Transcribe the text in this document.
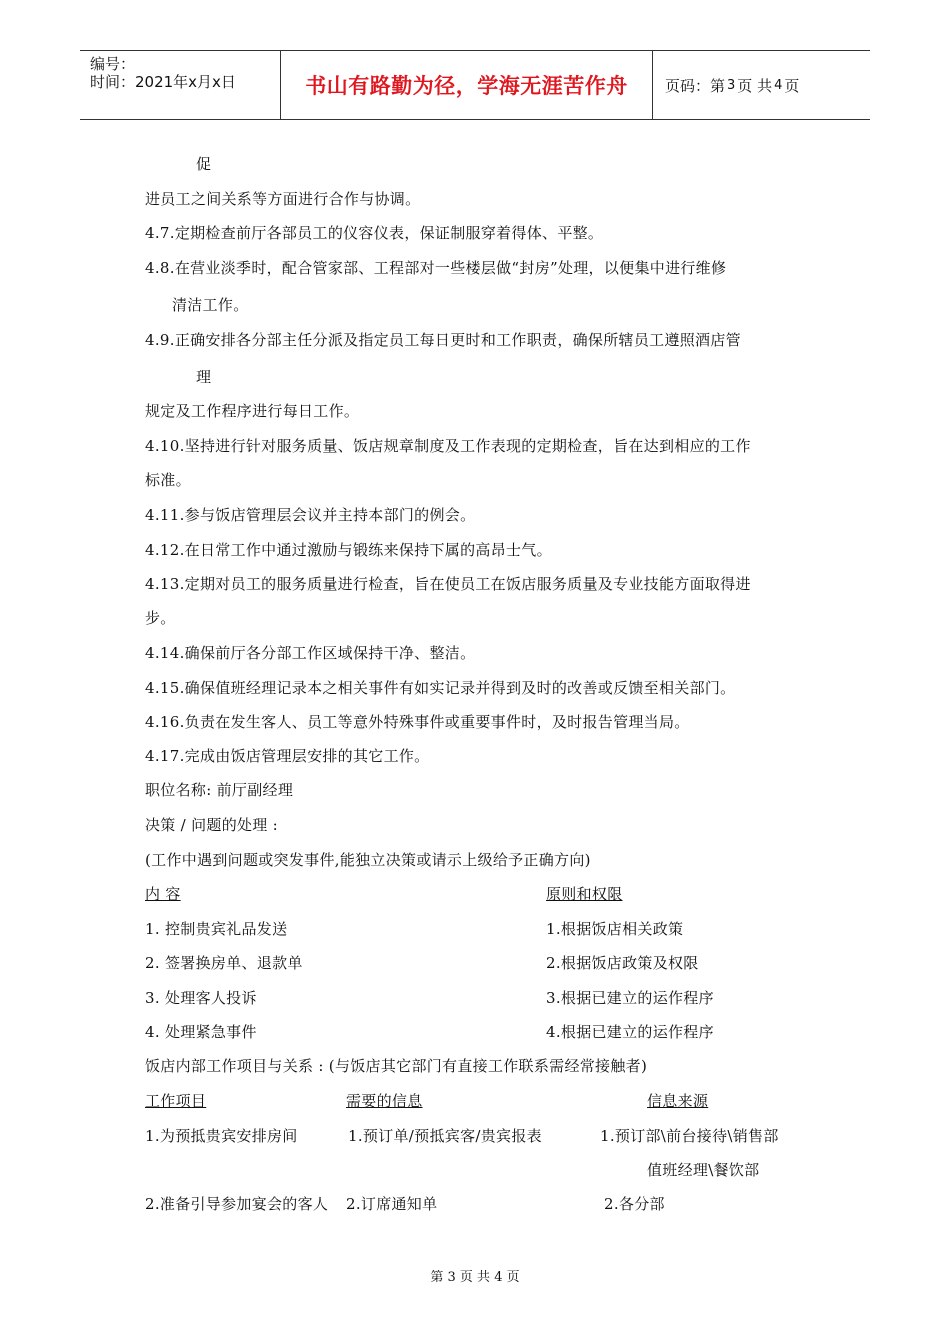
编号：
时间：2021年x月x日	书山有路勤为径，学海无涯苦作舟 页码：第 3 页 共 4 页
促
进员工之间关系等方面进行合作与协调。
4.7.定期检查前厅各部员工的仪容仪表，保证制服穿着得体、平整。
4.8.在营业淡季时，配合管家部、工程部对一些楼层做“封房”处理，以便集中进行维修
清洁工作。
4.9.正确安排各分部主任分派及指定员工每日更时和工作职责，确保所辖员工遵照酒店管
理
规定及工作程序进行每日工作。
4.10.坚持进行针对服务质量、饭店规章制度及工作表现的定期检查，旨在达到相应的工作
标准。
4.11.参与饭店管理层会议并主持本部门的例会。
4.12.在日常工作中通过激励与锻练来保持下属的高昂士气。
4.13.定期对员工的服务质量进行检查，旨在使员工在饭店服务质量及专业技能方面取得进
步。
4.14.确保前厅各分部工作区域保持干净、整洁。
4.15.确保值班经理记录本之相关事件有如实记录并得到及时的改善或反馈至相关部门。
4.16.负责在发生客人、员工等意外特殊事件或重要事件时，及时报告管理当局。
4.17.完成由饭店管理层安排的其它工作。
职位名称: 前厅副经理
决策 / 问题的处理 :
(工作中遇到问题或突发事件,能独立决策或请示上级给予正确方向)
内 容	原则和权限
1. 控制贵宾礼品发送	1.根据饭店相关政策
2. 签署换房单、退款单	2.根据饭店政策及权限
3. 处理客人投诉	3.根据已建立的运作程序
4. 处理紧急事件	4.根据已建立的运作程序
饭店内部工作项目与关系 : (与饭店其它部门有直接工作联系需经常接触者)
工作项目	需要的信息	信息来源
1.为预抵贵宾安排房间	1.预订单/预抵宾客/贵宾报表	1.预订部\前台接待\销售部
值班经理\餐饮部
2.准备引导参加宴会的客人 2.订席通知单	2.各分部
第 3 页 共 4 页
